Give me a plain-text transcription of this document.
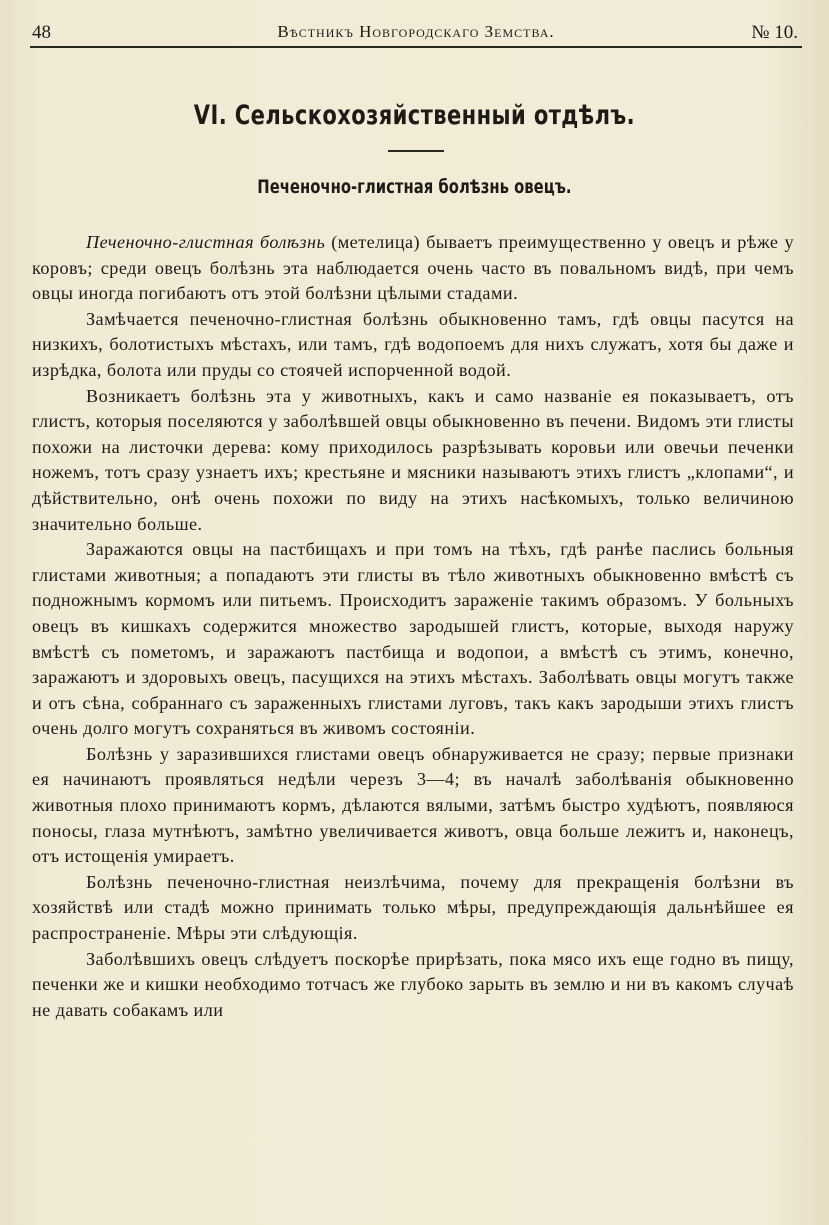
48	Вѣстникъ Новгородскаго Земства.	№ 10.
VI. Сельскохозяйственный отдѣлъ.
Печеночно-глистная болѣзнь овецъ.

Печеночно-глистная болѣзнь (метелица) бываетъ преимущественно у овецъ и рѣже у коровъ; среди овецъ болѣзнь эта наблюдается очень часто въ повальномъ видѣ, при чемъ овцы иногда погибаютъ отъ этой болѣзни цѣлыми стадами.

Замѣчается печеночно-глистная болѣзнь обыкновенно тамъ, гдѣ овцы пасутся на низкихъ, болотистыхъ мѣстахъ, или тамъ, гдѣ водопоемъ для нихъ служатъ, хотя бы даже и изрѣдка, болота или пруды со стоячей испорченной водой.

Возникаетъ болѣзнь эта у животныхъ, какъ и само названіе ея показываетъ, отъ глистъ, которыя поселяются у заболѣвшей овцы обыкновенно въ печени. Видомъ эти глисты похожи на листочки дерева: кому приходилось разрѣзывать коровьи или овечьи печенки ножемъ, тотъ сразу узнаетъ ихъ; крестьяне и мясники называютъ этихъ глистъ „клопами“, и дѣйствительно, онѣ очень похожи по виду на этихъ насѣкомыхъ, только величиною значительно больше.

Заражаются овцы на пастбищахъ и при томъ на тѣхъ, гдѣ ранѣе паслись больныя глистами животныя; а попадаютъ эти глисты въ тѣло животныхъ обыкновенно вмѣстѣ съ подножнымъ кормомъ или питьемъ. Происходитъ зараженіе такимъ образомъ. У больныхъ овецъ въ кишкахъ содержится множество зародышей глистъ, которые, выходя наружу вмѣстѣ съ пометомъ, и заражаютъ пастбища и водопои, а вмѣстѣ съ этимъ, конечно, заражаютъ и здоровыхъ овецъ, пасущихся на этихъ мѣстахъ. Заболѣвать овцы могутъ также и отъ сѣна, собраннаго съ зараженныхъ глистами луговъ, такъ какъ зародыши этихъ глистъ очень долго могутъ сохраняться въ живомъ состояніи.

Болѣзнь у заразившихся глистами овецъ обнаруживается не сразу; первые признаки ея начинаютъ проявляться недѣли черезъ 3—4; въ началѣ заболѣванія обыкновенно животныя плохо принимаютъ кормъ, дѣлаются вялыми, затѣмъ быстро худѣютъ, появляюся поносы, глаза мутнѣютъ, замѣтно увеличивается животъ, овца больше лежитъ и, наконецъ, отъ истощенія умираетъ.

Болѣзнь печеночно-глистная неизлѣчима, почему для прекращенія болѣзни въ хозяйствѣ или стадѣ можно принимать только мѣры, предупреждающія дальнѣйшее ея распространеніе. Мѣры эти слѣдующія.

Заболѣвшихъ овецъ слѣдуетъ поскорѣе прирѣзать, пока мясо ихъ еще годно въ пищу, печенки же и кишки необходимо тотчасъ же глубоко зарыть въ землю и ни въ какомъ случаѣ не давать собакамъ или
